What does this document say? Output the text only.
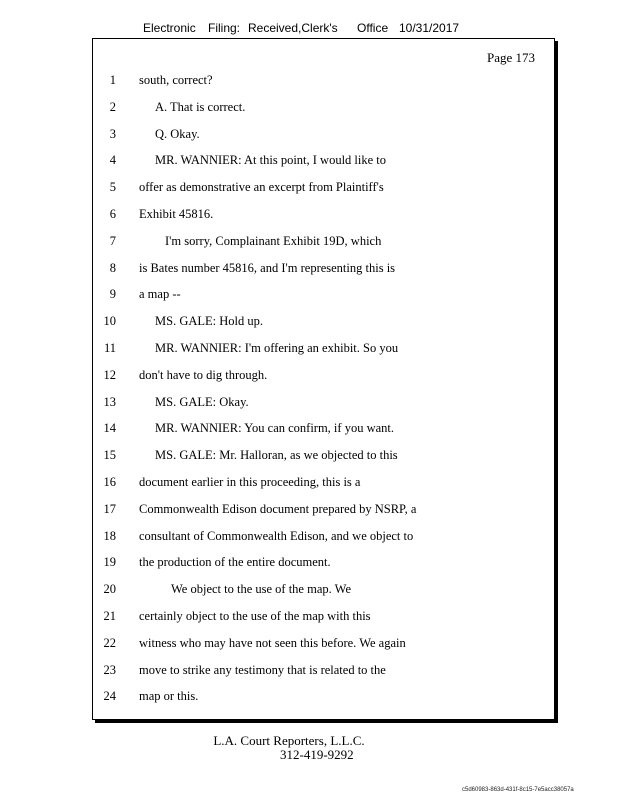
Electronic Filing: Received,Clerk's Office 10/31/2017
Page 173
1 south, correct?
2	A. That is correct.
3	Q. Okay.
4	MR. WANNIER: At this point, I would like to
5 offer as demonstrative an excerpt from Plaintiff's
6 Exhibit 45816.
7	I'm sorry, Complainant Exhibit 19D, which
8 is Bates number 45816, and I'm representing this is
9 a map --
10	MS. GALE: Hold up.
11	MR. WANNIER: I'm offering an exhibit. So you
12 don't have to dig through.
13	MS. GALE: Okay.
14	MR. WANNIER: You can confirm, if you want.
15	MS. GALE: Mr. Halloran, as we objected to this
16 document earlier in this proceeding, this is a
17 Commonwealth Edison document prepared by NSRP, a
18 consultant of Commonwealth Edison, and we object to
19 the production of the entire document.
20	We object to the use of the map. We
21 certainly object to the use of the map with this
22 witness who may have not seen this before. We again
23 move to strike any testimony that is related to the
24 map or this.
L.A. Court Reporters, L.L.C.
312-419-9292
c5d60983-863d-431f-8c15-7e5acc38057a
